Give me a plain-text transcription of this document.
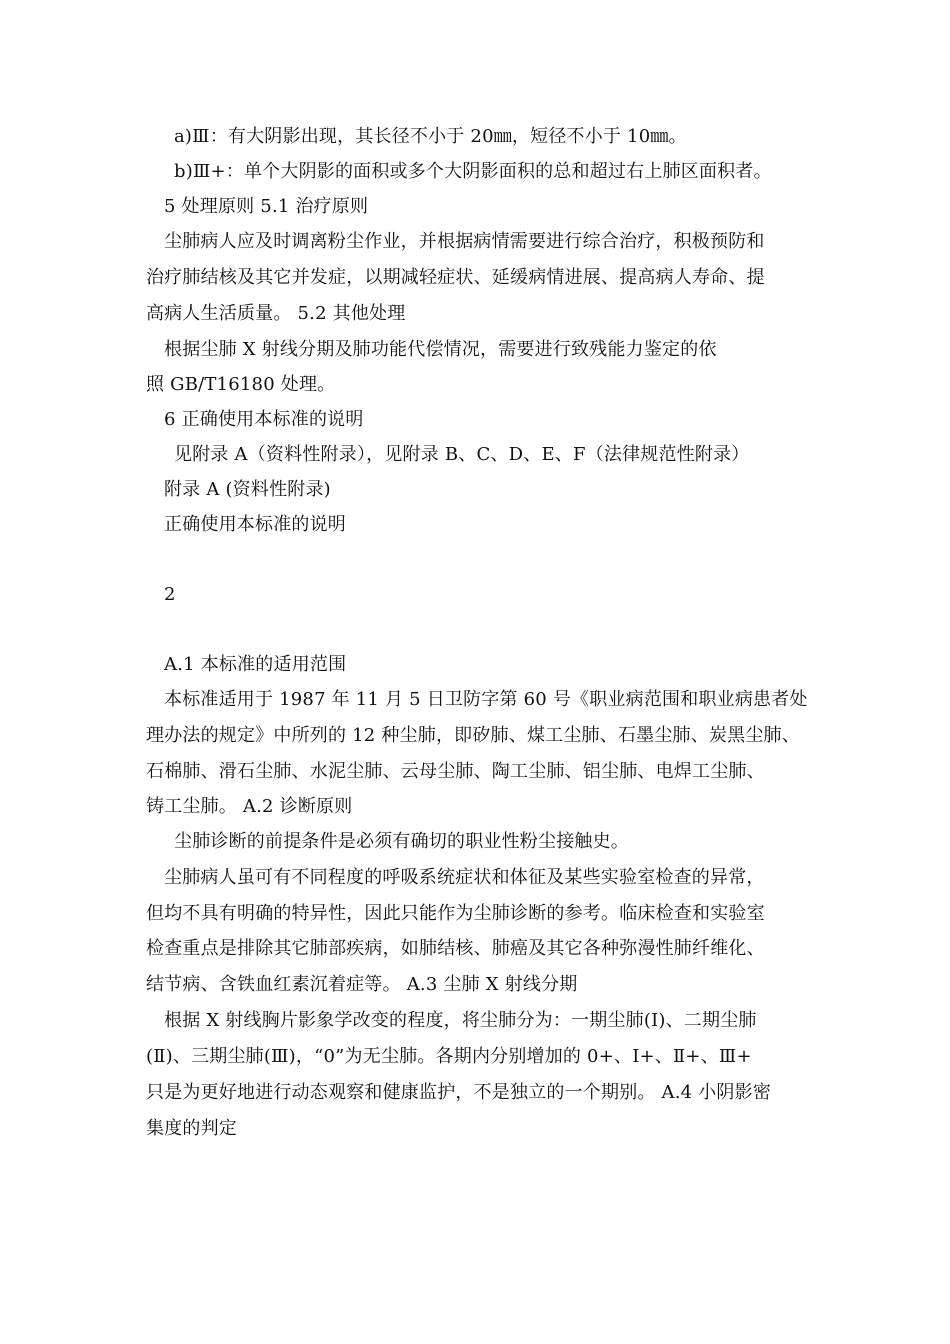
a)Ⅲ：有大阴影出现，其长径不小于 20㎜，短径不小于 10㎜。
b)Ⅲ+：单个大阴影的面积或多个大阴影面积的总和超过右上肺区面积者。
5 处理原则 5.1 治疗原则
尘肺病人应及时调离粉尘作业，并根据病情需要进行综合治疗，积极预防和
治疗肺结核及其它并发症，以期减轻症状、延缓病情进展、提高病人寿命、提
高病人生活质量。 5.2 其他处理
根据尘肺 X 射线分期及肺功能代偿情况，需要进行致残能力鉴定的依
照 GB/T16180 处理。
6 正确使用本标准的说明
见附录 A（资料性附录），见附录 B、C、D、E、F（法律规范性附录）
附录 A (资料性附录)
正确使用本标准的说明
2
A.1 本标准的适用范围
本标准适用于 1987 年 11 月 5 日卫防字第 60 号《职业病范围和职业病患者处
理办法的规定》中所列的 12 种尘肺，即矽肺、煤工尘肺、石墨尘肺、炭黑尘肺、
石棉肺、滑石尘肺、水泥尘肺、云母尘肺、陶工尘肺、铝尘肺、电焊工尘肺、
铸工尘肺。 A.2 诊断原则
尘肺诊断的前提条件是必须有确切的职业性粉尘接触史。
尘肺病人虽可有不同程度的呼吸系统症状和体征及某些实验室检查的异常，
但均不具有明确的特异性，因此只能作为尘肺诊断的参考。临床检查和实验室
检查重点是排除其它肺部疾病，如肺结核、肺癌及其它各种弥漫性肺纤维化、
结节病、含铁血红素沉着症等。 A.3 尘肺 X 射线分期
根据 X 射线胸片影象学改变的程度，将尘肺分为：一期尘肺(Ⅰ)、二期尘肺
(Ⅱ)、三期尘肺(Ⅲ)，“0”为无尘肺。各期内分别增加的 0+、Ⅰ+、Ⅱ+、Ⅲ+
只是为更好地进行动态观察和健康监护，不是独立的一个期别。 A.4 小阴影密
集度的判定
